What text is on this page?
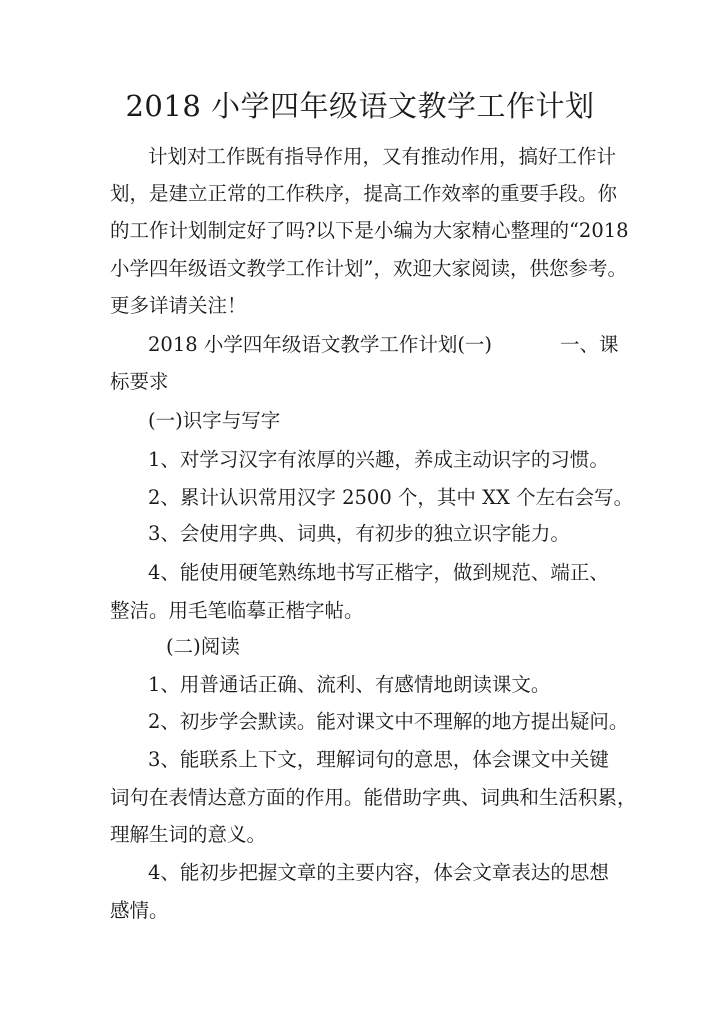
2018 小学四年级语文教学工作计划
计划对工作既有指导作用，又有推动作用，搞好工作计
划，是建立正常的工作秩序，提高工作效率的重要手段。你
的工作计划制定好了吗?以下是小编为大家精心整理的“2018
小学四年级语文教学工作计划”，欢迎大家阅读，供您参考。
更多详请关注！
2018 小学四年级语文教学工作计划(一)	一、课
标要求
(一)识字与写字
1、对学习汉字有浓厚的兴趣，养成主动识字的习惯。
2、累计认识常用汉字 2500 个，其中 XX 个左右会写。
3、会使用字典、词典，有初步的独立识字能力。
4、能使用硬笔熟练地书写正楷字，做到规范、端正、
整洁。用毛笔临摹正楷字帖。
(二)阅读
1、用普通话正确、流利、有感情地朗读课文。
2、初步学会默读。能对课文中不理解的地方提出疑问。
3、能联系上下文，理解词句的意思，体会课文中关键
词句在表情达意方面的作用。能借助字典、词典和生活积累，
理解生词的意义。
4、能初步把握文章的主要内容，体会文章表达的思想
感情。
